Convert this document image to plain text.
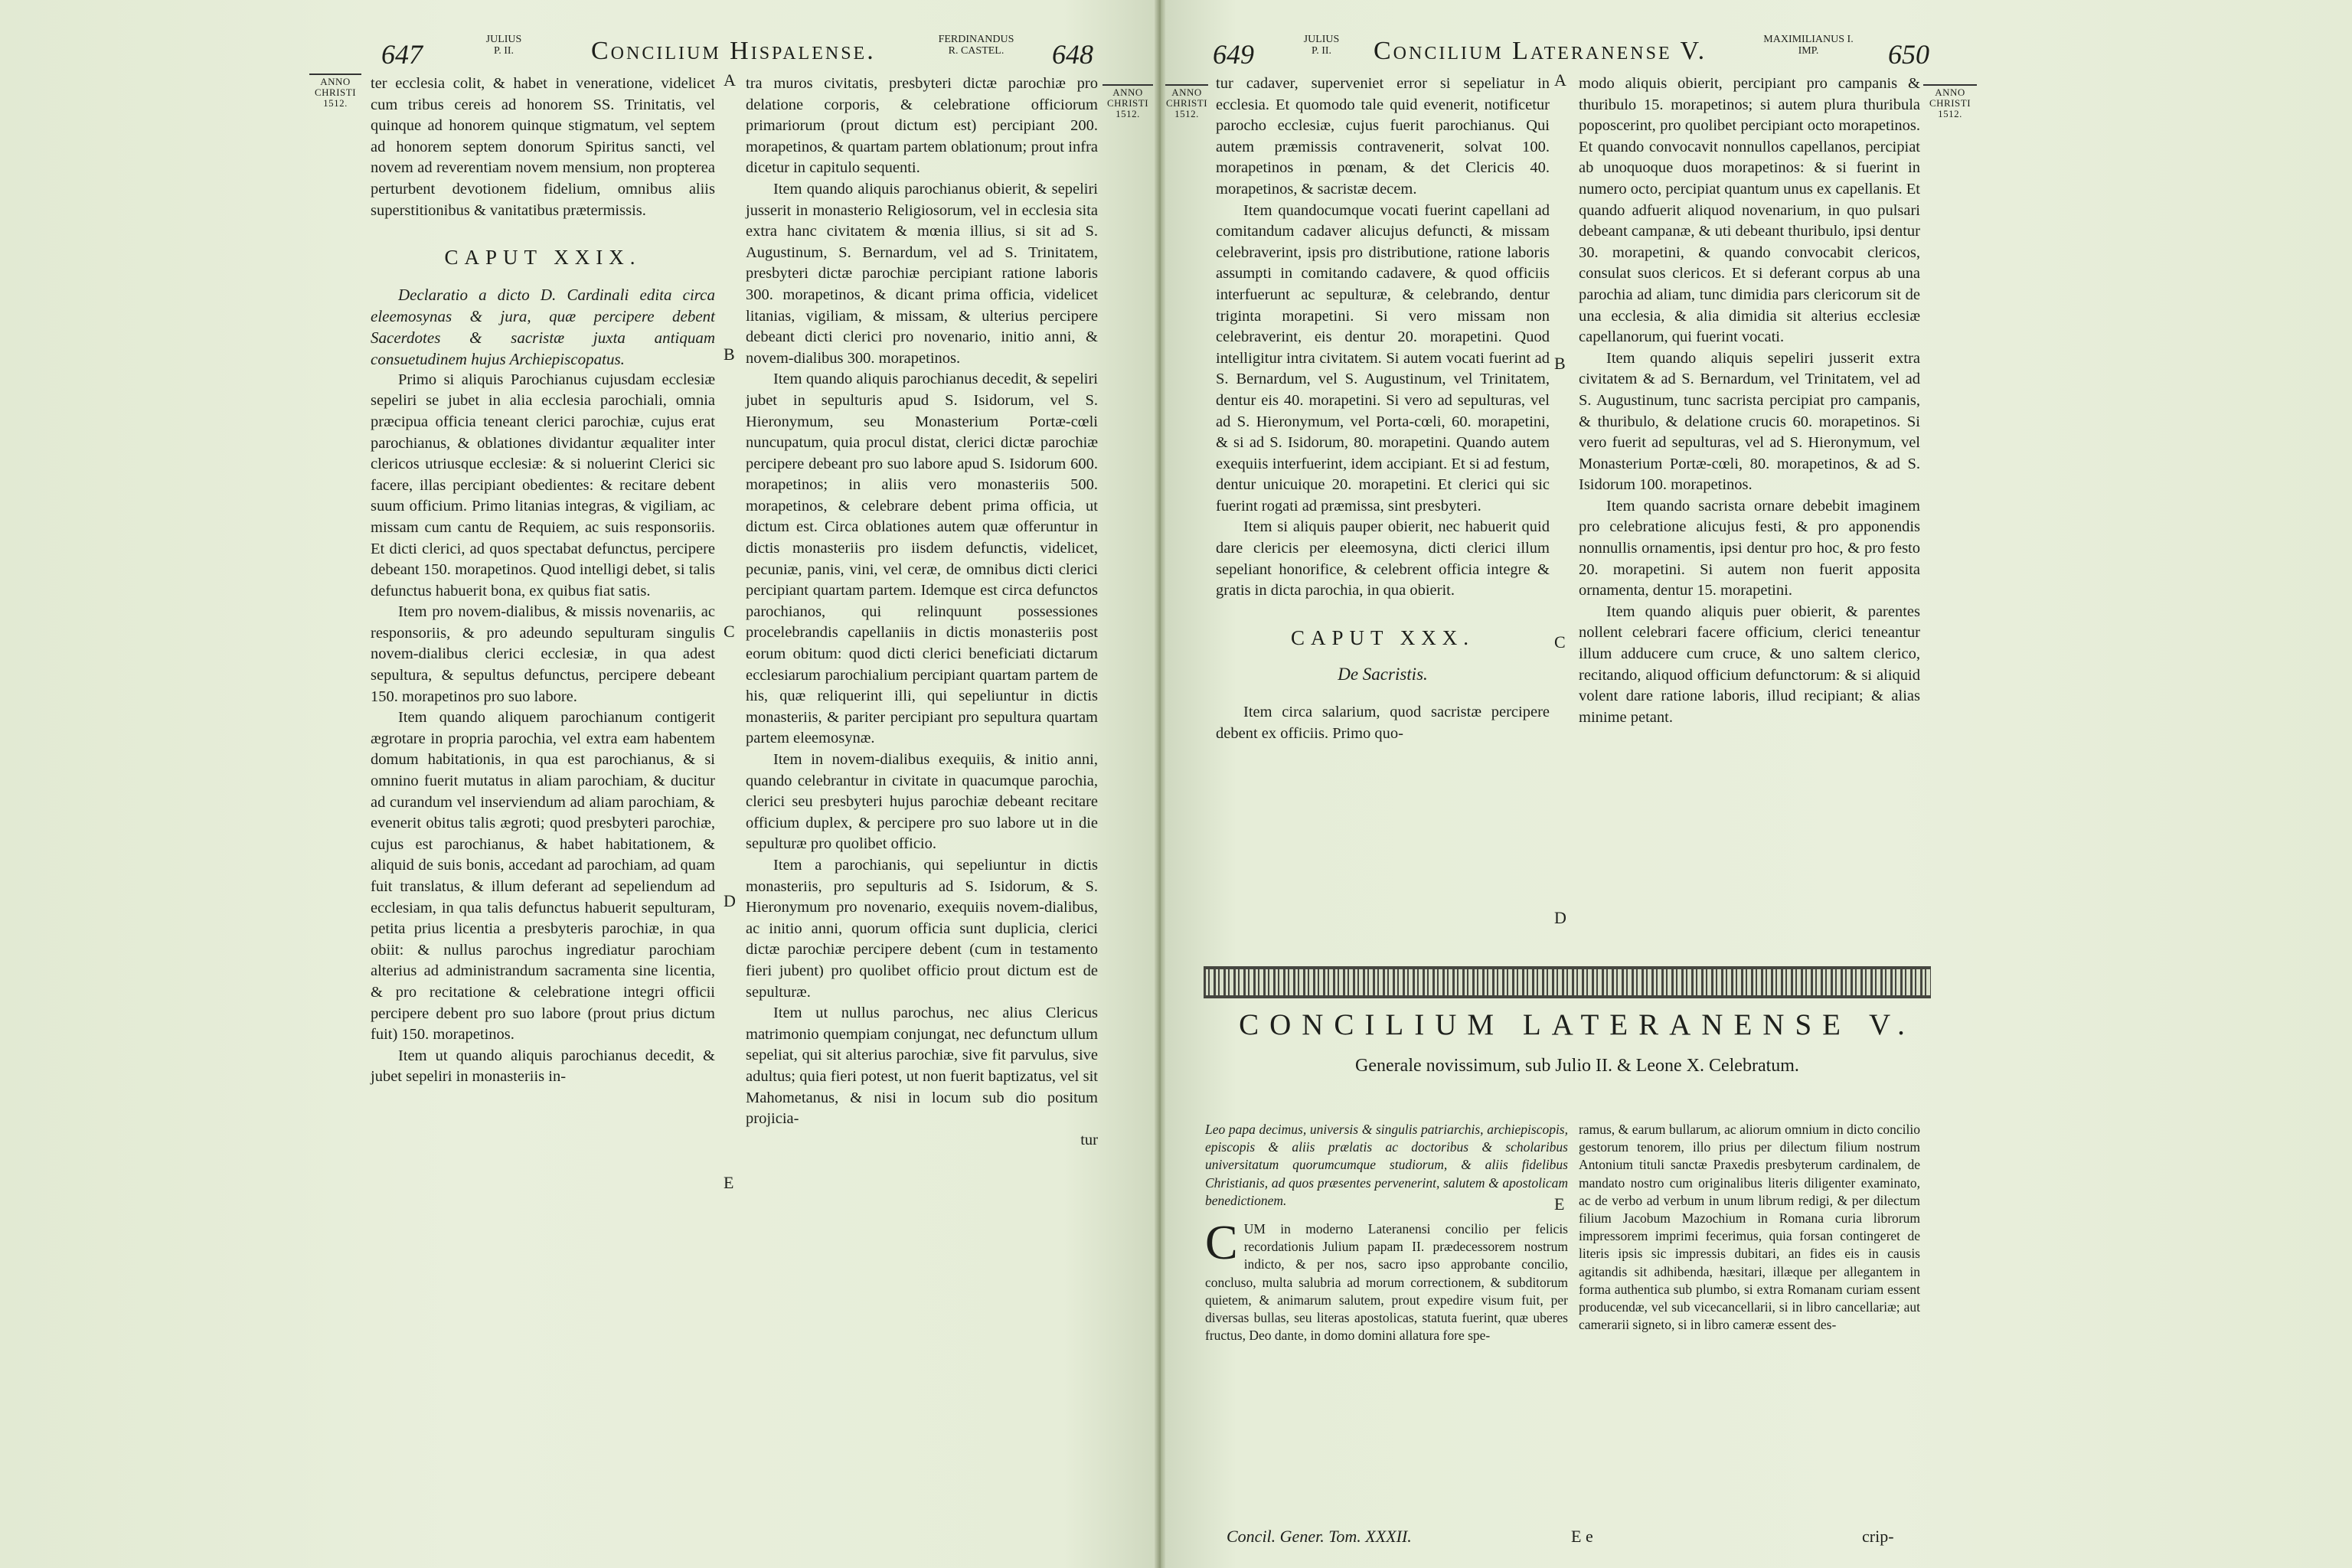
647	JULIUS
P. II.	Concilium Hispalense.	FERDINANDUS
R. CASTEL.	648
ANNO
CHRISTI
1512.
ANNO
CHRISTI
1512.
A
B
C
D
E

ter ecclesia colit, & habet in veneratione, videlicet cum tribus cereis ad honorem SS. Trinitatis, vel quinque ad honorem quinque stigmatum, vel septem ad honorem septem donorum Spiritus sancti, vel novem ad reverentiam novem mensium, non propterea perturbent devotionem fidelium, omnibus aliis superstitionibus & vanitatibus prætermissis.

CAPUT XXIX.

Declaratio a dicto D. Cardinali edita circa eleemosynas & jura, quæ percipere debent Sacerdotes & sacristæ juxta antiquam consuetudinem hujus Archiepiscopatus.

Primo si aliquis Parochianus cujusdam ecclesiæ sepeliri se jubet in alia ecclesia parochiali, omnia præcipua officia teneant clerici parochiæ, cujus erat parochianus, & oblationes dividantur æqualiter inter clericos utriusque ecclesiæ: & si noluerint Clerici sic facere, illas percipiant obedientes: & recitare debent suum officium. Primo litanias integras, & vigiliam, ac missam cum cantu de Requiem, ac suis responsoriis. Et dicti clerici, ad quos spectabat defunctus, percipere debeant 150. morapetinos. Quod intelligi debet, si talis defunctus habuerit bona, ex quibus fiat satis.

Item pro novem-dialibus, & missis novenariis, ac responsoriis, & pro adeundo sepulturam singulis novem-dialibus clerici ecclesiæ, in qua adest sepultura, & sepultus defunctus, percipere debeant 150. morapetinos pro suo labore.

Item quando aliquem parochianum contigerit ægrotare in propria parochia, vel extra eam habentem domum habitationis, in qua est parochianus, & si omnino fuerit mutatus in aliam parochiam, & ducitur ad curandum vel inserviendum ad aliam parochiam, & evenerit obitus talis ægroti; quod presbyteri parochiæ, cujus est parochianus, & habet habitationem, & aliquid de suis bonis, accedant ad parochiam, ad quam fuit translatus, & illum deferant ad sepeliendum ad ecclesiam, in qua talis defunctus habuerit sepulturam, petita prius licentia a presbyteris parochiæ, in qua obiit: & nullus parochus ingrediatur parochiam alterius ad administrandum sacramenta sine licentia, & pro recitatione & celebratione integri officii percipere debent pro suo labore (prout prius dictum fuit) 150. morapetinos.

Item ut quando aliquis parochianus decedit, & jubet sepeliri in monasteriis in-

tra muros civitatis, presbyteri dictæ parochiæ pro delatione corporis, & celebratione officiorum primariorum (prout dictum est) percipiant 200. morapetinos, & quartam partem oblationum; prout infra dicetur in capitulo sequenti.

Item quando aliquis parochianus obierit, & sepeliri jusserit in monasterio Religiosorum, vel in ecclesia sita extra hanc civitatem & mœnia illius, si sit ad S. Augustinum, S. Bernardum, vel ad S. Trinitatem, presbyteri dictæ parochiæ percipiant ratione laboris 300. morapetinos, & dicant prima officia, videlicet litanias, vigiliam, & missam, & ulterius percipere debeant dicti clerici pro novenario, initio anni, & novem-dialibus 300. morapetinos.

Item quando aliquis parochianus decedit, & sepeliri jubet in sepulturis apud S. Isidorum, vel S. Hieronymum, seu Monasterium Portæ-cœli nuncupatum, quia procul distat, clerici dictæ parochiæ percipere debeant pro suo labore apud S. Isidorum 600. morapetinos; in aliis vero monasteriis 500. morapetinos, & celebrare debent prima officia, ut dictum est. Circa oblationes autem quæ offeruntur in dictis monasteriis pro iisdem defunctis, videlicet, pecuniæ, panis, vini, vel ceræ, de omnibus dicti clerici percipiant quartam partem. Idemque est circa defunctos parochianos, qui relinquunt possessiones procelebrandis capellaniis in dictis monasteriis post eorum obitum: quod dicti clerici beneficiati dictarum ecclesiarum parochialium percipiant quartam partem de his, quæ reliquerint illi, qui sepeliuntur in dictis monasteriis, & pariter percipiant pro sepultura quartam partem eleemosynæ.

Item in novem-dialibus exequiis, & initio anni, quando celebrantur in civitate in quacumque parochia, clerici seu presbyteri hujus parochiæ debeant recitare officium duplex, & percipere pro suo labore ut in die sepulturæ pro quolibet officio.

Item a parochianis, qui sepeliuntur in dictis monasteriis, pro sepulturis ad S. Isidorum, & S. Hieronymum pro novenario, exequiis novem-dialibus, ac initio anni, quorum officia sunt duplicia, clerici dictæ parochiæ percipere debent (cum in testamento fieri jubent) pro quolibet officio prout dictum est de sepulturæ.

Item ut nullus parochus, nec alius Clericus matrimonio quempiam conjungat, nec defunctum ullum sepeliat, qui sit alterius parochiæ, sive fit parvulus, sive adultus; quia fieri potest, ut non fuerit baptizatus, vel sit Mahometanus, & nisi in locum sub dio positum projicia-

tur

649	JULIUS
P. II.	Concilium Lateranense V.	MAXIMILIANUS I.
IMP.	650
ANNO
CHRISTI
1512.
ANNO
CHRISTI
1512.
A
B
C
D
E

tur cadaver, superveniet error si sepeliatur in ecclesia. Et quomodo tale quid evenerit, notificetur parocho ecclesiæ, cujus fuerit parochianus. Qui autem præmissis contravenerit, solvat 100. morapetinos in pœnam, & det Clericis 40. morapetinos, & sacristæ decem.

Item quandocumque vocati fuerint capellani ad comitandum cadaver alicujus defuncti, & missam celebraverint, ipsis pro distributione, ratione laboris assumpti in comitando cadavere, & quod officiis interfuerunt ac sepulturæ, & celebrando, dentur triginta morapetini. Si vero missam non celebraverint, eis dentur 20. morapetini. Quod intelligitur intra civitatem. Si autem vocati fuerint ad S. Bernardum, vel S. Augustinum, vel Trinitatem, dentur eis 40. morapetini. Si vero ad sepulturas, vel ad S. Hieronymum, vel Porta-cœli, 60. morapetini, & si ad S. Isidorum, 80. morapetini. Quando autem exequiis interfuerint, idem accipiant. Et si ad festum, dentur unicuique 20. morapetini. Et clerici qui sic fuerint rogati ad præmissa, sint presbyteri.

Item si aliquis pauper obierit, nec habuerit quid dare clericis per eleemosyna, dicti clerici illum sepeliant honorifice, & celebrent officia integre & gratis in dicta parochia, in qua obierit.

CAPUT XXX.
De Sacristis.

Item circa salarium, quod sacristæ percipere debent ex officiis. Primo quo-

modo aliquis obierit, percipiant pro campanis & thuribulo 15. morapetinos; si autem plura thuribula poposcerint, pro quolibet percipiant octo morapetinos. Et quando convocavit nonnullos capellanos, percipiat ab unoquoque duos morapetinos: & si fuerint in numero octo, percipiat quantum unus ex capellanis. Et quando adfuerit aliquod novenarium, in quo pulsari debeant campanæ, & uti debeant thuribulo, ipsi dentur 30. morapetini, & quando convocabit clericos, consulat suos clericos. Et si deferant corpus ab una parochia ad aliam, tunc dimidia pars clericorum sit de una ecclesia, & alia dimidia sit alterius ecclesiæ capellanorum, qui fuerint vocati.

Item quando aliquis sepeliri jusserit extra civitatem & ad S. Bernardum, vel Trinitatem, vel ad S. Augustinum, tunc sacrista percipiat pro campanis, & thuribulo, & delatione crucis 60. morapetinos. Si vero fuerit ad sepulturas, vel ad S. Hieronymum, vel Monasterium Portæ-cœli, 80. morapetinos, & ad S. Isidorum 100. morapetinos.

Item quando sacrista ornare debebit imaginem pro celebratione alicujus festi, & pro apponendis nonnullis ornamentis, ipsi dentur pro hoc, & pro festo 20. morapetini. Si autem non fuerit apposita ornamenta, dentur 15. morapetini.

Item quando aliquis puer obierit, & parentes nollent celebrari facere officium, clerici teneantur illum adducere cum cruce, & uno saltem clerico, recitando, aliquod officium defunctorum: & si aliquid volent dare ratione laboris, illud recipiant; & alias minime petant.

Leo papa decimus, universis & singulis patriarchis, archiepiscopis, episcopis & aliis prælatis ac doctoribus & scholaribus universitatum quorumcumque studiorum, & aliis fidelibus Christianis, ad quos præsentes pervenerint, salutem & apostolicam benedictionem.

CUM in moderno Lateranensi concilio per felicis recordationis Julium papam II. prædecessorem nostrum indicto, & per nos, sacro ipso approbante concilio, concluso, multa salubria ad morum correctionem, & subditorum quietem, & animarum salutem, prout expedire visum fuit, per diversas bullas, seu literas apostolicas, statuta fuerint, quæ uberes fructus, Deo dante, in domo domini allatura fore spe-

ramus, & earum bullarum, ac aliorum omnium in dicto concilio gestorum tenorem, illo prius per dilectum filium nostrum Antonium tituli sanctæ Praxedis presbyterum cardinalem, de mandato nostro cum originalibus literis diligenter examinato, ac de verbo ad verbum in unum librum redigi, & per dilectum filium Jacobum Mazochium in Romana curia librorum impressorem imprimi fecerimus, quia forsan contingeret de literis ipsis sic impressis dubitari, an fides eis in causis agitandis sit adhibenda, hæsitari, illæque per allegantem in forma authentica sub plumbo, si extra Romanam curiam essent producendæ, vel sub vicecancellarii, si in libro cancellariæ; aut camerarii signeto, si in libro cameræ essent des-

Concil. Gener. Tom. XXXII.	E e	crip-
CONCILIUM LATERANENSE V.
Generale novissimum, sub Julio II. & Leone X. Celebratum.
